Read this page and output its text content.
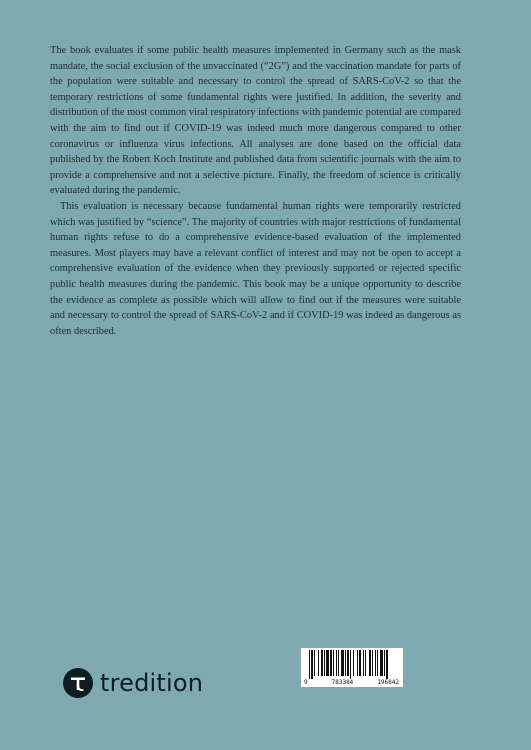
The book evaluates if some public health measures implemented in Germany such as the mask mandate, the social exclusion of the unvaccinated (“2G”) and the vaccination mandate for parts of the population were suitable and necessary to control the spread of SARS-CoV-2 so that the temporary restrictions of some fundamental rights were justified. In addition, the severity and distribution of the most common viral respiratory infections with pandemic potential are compared with the aim to find out if COVID-19 was indeed much more dangerous compared to other coronavirus or influenza virus infections. All analyses are done based on the official data published by the Robert Koch Institute and published data from scientific journals with the aim to provide a comprehensive and not a selective picture. Finally, the freedom of science is critically evaluated during the pandemic.

This evaluation is necessary because fundamental human rights were temporarily restricted which was justified by “science”. The majority of countries with major restrictions of fundamental human rights refuse to do a comprehensive evidence-based evaluation of the implemented measures. Most players may have a relevant conflict of interest and may not be open to accept a comprehensive evaluation of the evidence when they previously supported or rejected specific public health measures during the pandemic. This book may be a unique opportunity to describe the evidence as complete as possible which will allow to find out if the measures were suitable and necessary to control the spread of SARS-CoV-2 and if COVID-19 was indeed as dangerous as often described.

tredition	9	783384	196842
